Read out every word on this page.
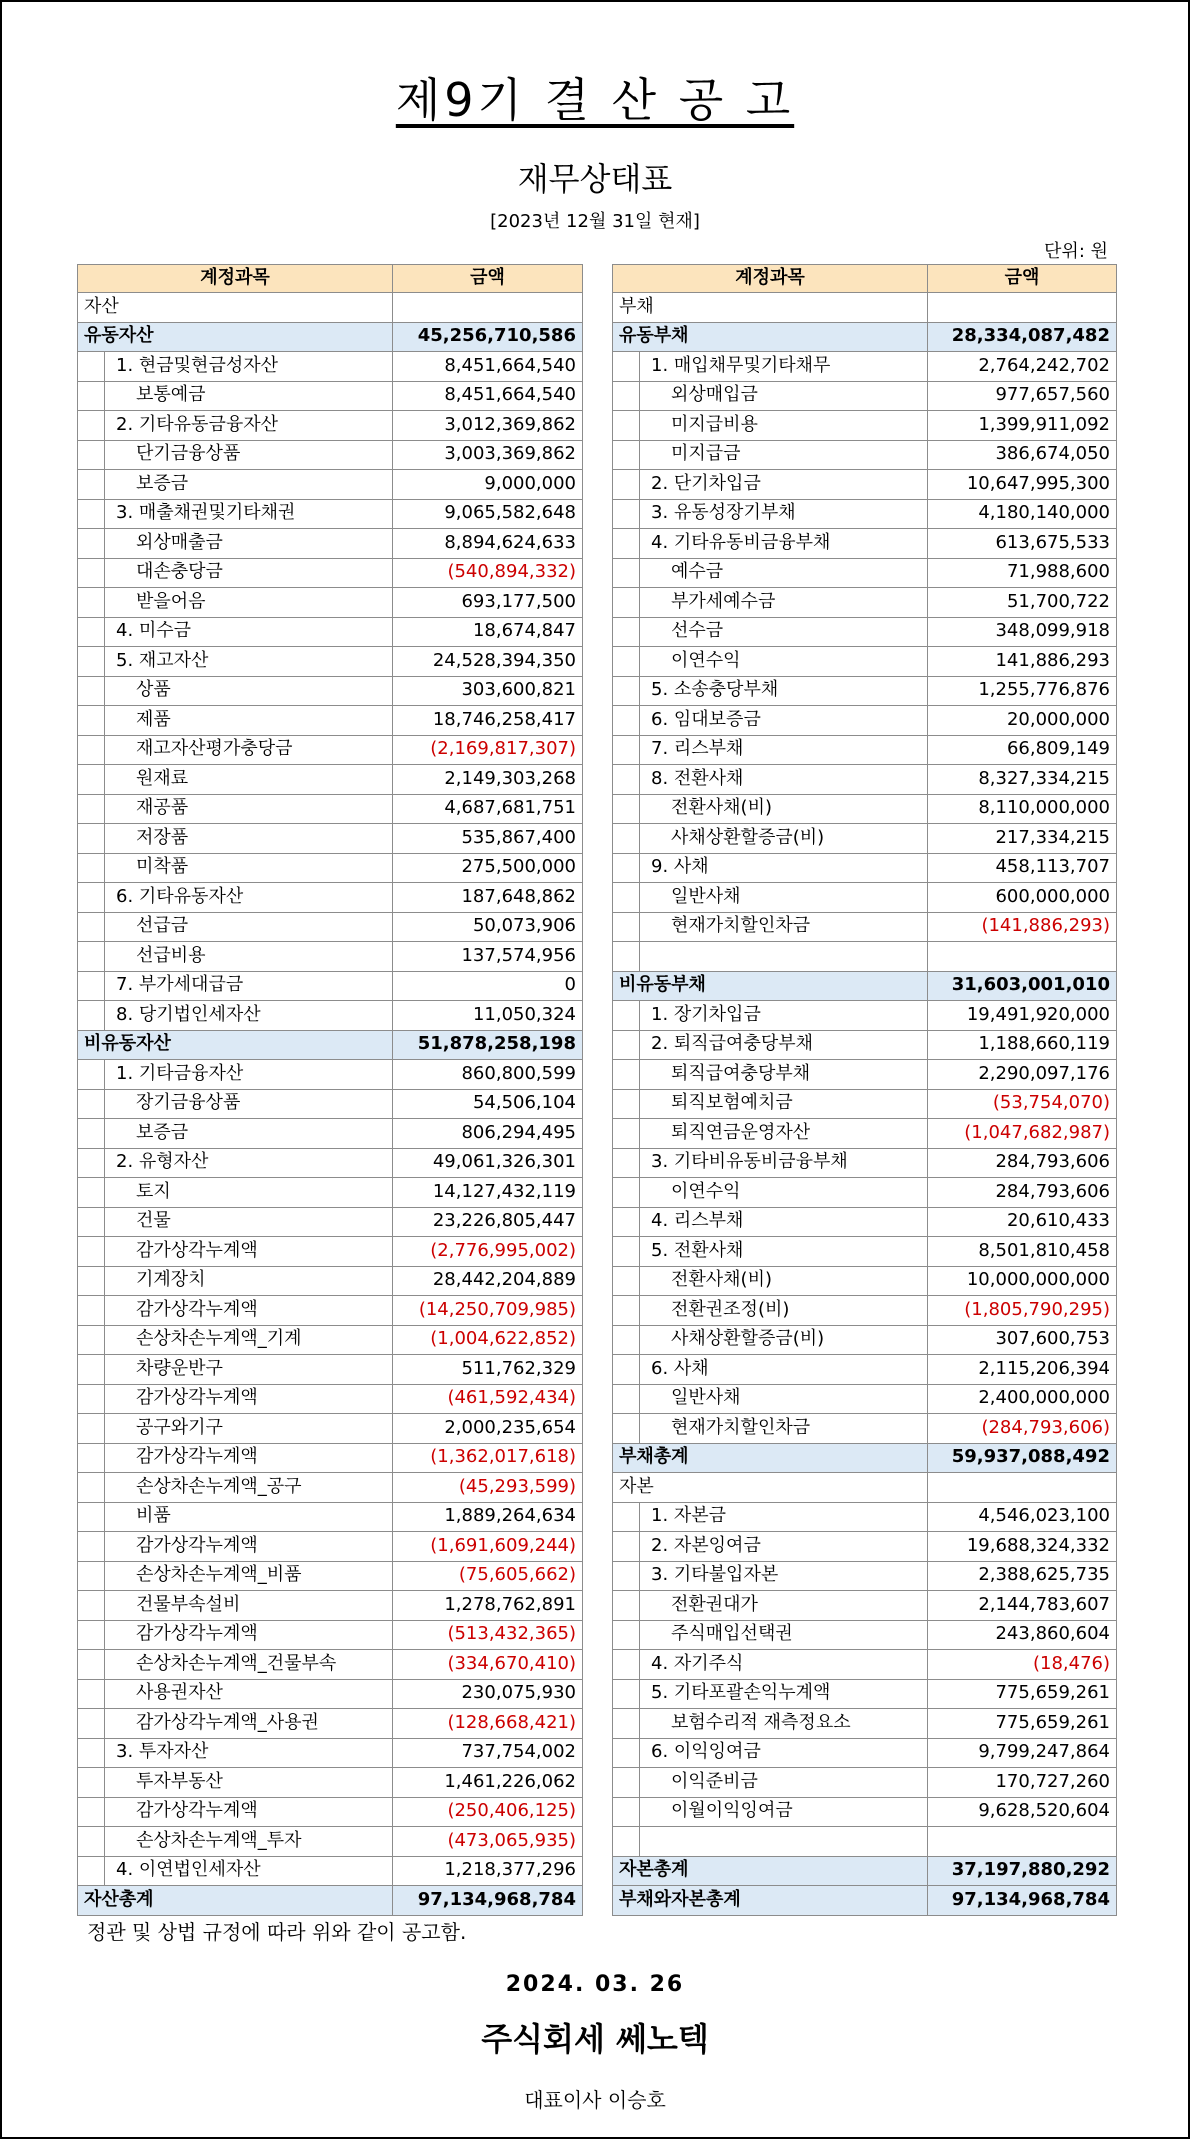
제9기 결 산 공 고
재무상태표
[2023년 12월 31일 현재]
단위: 원
계정과목	금액
자산	
유동자산	45,256,710,586
1. 현금및현금성자산	8,451,664,540
보통예금	8,451,664,540
2. 기타유동금융자산	3,012,369,862
단기금융상품	3,003,369,862
보증금	9,000,000
3. 매출채권및기타채권	9,065,582,648
외상매출금	8,894,624,633
대손충당금	(540,894,332)
받을어음	693,177,500
4. 미수금	18,674,847
5. 재고자산	24,528,394,350
상품	303,600,821
제품	18,746,258,417
재고자산평가충당금	(2,169,817,307)
원재료	2,149,303,268
재공품	4,687,681,751
저장품	535,867,400
미착품	275,500,000
6. 기타유동자산	187,648,862
선급금	50,073,906
선급비용	137,574,956
7. 부가세대급금	0
8. 당기법인세자산	11,050,324
비유동자산	51,878,258,198
1. 기타금융자산	860,800,599
장기금융상품	54,506,104
보증금	806,294,495
2. 유형자산	49,061,326,301
토지	14,127,432,119
건물	23,226,805,447
감가상각누계액	(2,776,995,002)
기계장치	28,442,204,889
감가상각누계액	(14,250,709,985)
손상차손누계액_기계	(1,004,622,852)
차량운반구	511,762,329
감가상각누계액	(461,592,434)
공구와기구	2,000,235,654
감가상각누계액	(1,362,017,618)
손상차손누계액_공구	(45,293,599)
비품	1,889,264,634
감가상각누계액	(1,691,609,244)
손상차손누계액_비품	(75,605,662)
건물부속설비	1,278,762,891
감가상각누계액	(513,432,365)
손상차손누계액_건물부속	(334,670,410)
사용권자산	230,075,930
감가상각누계액_사용권	(128,668,421)
3. 투자자산	737,754,002
투자부동산	1,461,226,062
감가상각누계액	(250,406,125)
손상차손누계액_투자	(473,065,935)
4. 이연법인세자산	1,218,377,296
자산총계	97,134,968,784
계정과목	금액
부채	
유동부채	28,334,087,482
1. 매입채무및기타채무	2,764,242,702
외상매입금	977,657,560
미지급비용	1,399,911,092
미지급금	386,674,050
2. 단기차입금	10,647,995,300
3. 유동성장기부채	4,180,140,000
4. 기타유동비금융부채	613,675,533
예수금	71,988,600
부가세예수금	51,700,722
선수금	348,099,918
이연수익	141,886,293
5. 소송충당부채	1,255,776,876
6. 임대보증금	20,000,000
7. 리스부채	66,809,149
8. 전환사채	8,327,334,215
전환사채(비)	8,110,000,000
사채상환할증금(비)	217,334,215
9. 사채	458,113,707
일반사채	600,000,000
현재가치할인차금	(141,886,293)

비유동부채	31,603,001,010
1. 장기차입금	19,491,920,000
2. 퇴직급여충당부채	1,188,660,119
퇴직급여충당부채	2,290,097,176
퇴직보험예치금	(53,754,070)
퇴직연금운영자산	(1,047,682,987)
3. 기타비유동비금융부채	284,793,606
이연수익	284,793,606
4. 리스부채	20,610,433
5. 전환사채	8,501,810,458
전환사채(비)	10,000,000,000
전환권조정(비)	(1,805,790,295)
사채상환할증금(비)	307,600,753
6. 사채	2,115,206,394
일반사채	2,400,000,000
현재가치할인차금	(284,793,606)
부채총계	59,937,088,492
자본	
1. 자본금	4,546,023,100
2. 자본잉여금	19,688,324,332
3. 기타불입자본	2,388,625,735
전환권대가	2,144,783,607
주식매입선택권	243,860,604
4. 자기주식	(18,476)
5. 기타포괄손익누계액	775,659,261
보험수리적 재측정요소	775,659,261
6. 이익잉여금	9,799,247,864
이익준비금	170,727,260
이월이익잉여금	9,628,520,604

자본총계	37,197,880,292
부채와자본총계	97,134,968,784
정관 및 상법 규정에 따라 위와 같이 공고함.
2024. 03. 26
주식회세 쎄노텍
대표이사 이승호
